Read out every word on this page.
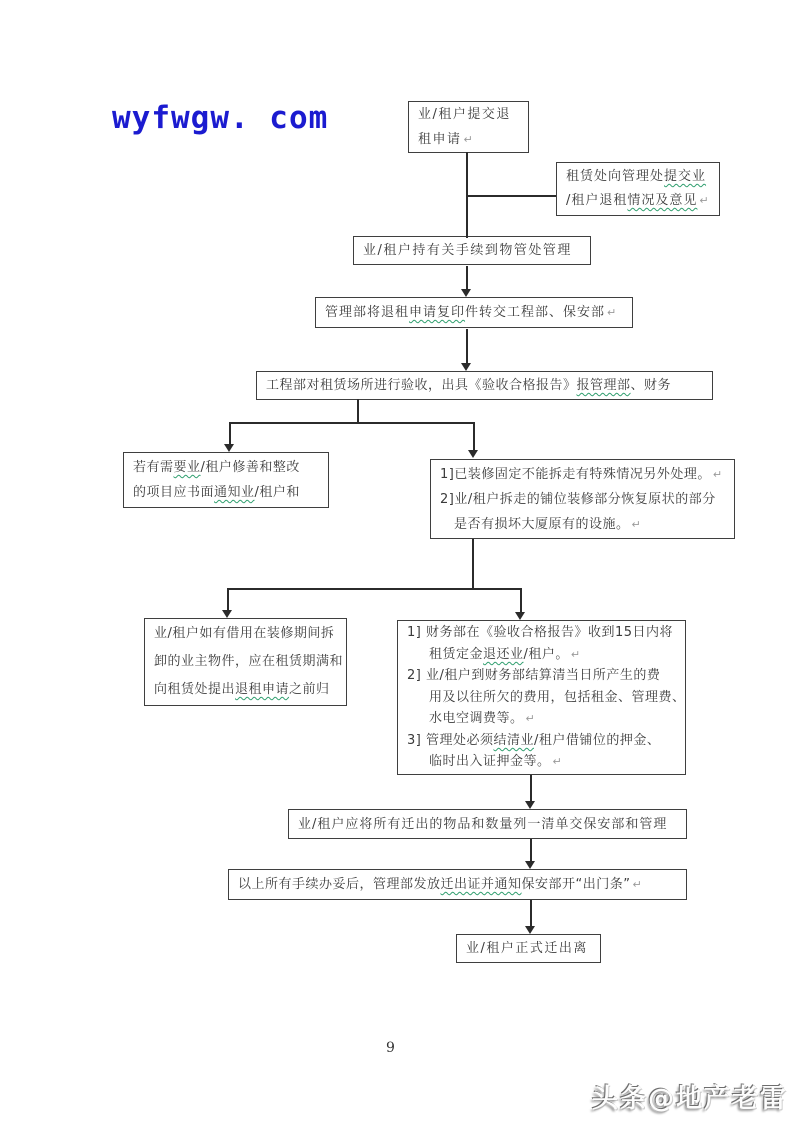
wyfwgw. com	业/租户提交退
租申请 ↵
租赁处向管理处提交业
/租户退租情况及意见 ↵
业/租户持有关手续到物管处管理
管理部将退租申请复印件转交工程部、保安部 ↵
工程部对租赁场所进行验收，出具《验收合格报告》报管理部、财务
若有需要业/租户修善和整改
的项目应书面通知业/租户和
1]已装修固定不能拆走有特殊情况另外处理。 ↵
2]业/租户拆走的铺位装修部分恢复原状的部分
是否有损坏大厦原有的设施。 ↵
业/租户如有借用在装修期间拆
卸的业主物件，应在租赁期满和
向租赁处提出退租申请之前归
1] 财务部在《验收合格报告》收到15日内将
租赁定金退还业/租户。 ↵
2] 业/租户到财务部结算清当日所产生的费
用及以往所欠的费用，包括租金、管理费、
水电空调费等。 ↵
3] 管理处必须结清业/租户借铺位的押金、
临时出入证押金等。 ↵
业/租户应将所有迁出的物品和数量列一清单交保安部和管理
以上所有手续办妥后，管理部发放迁出证并通知保安部开“出门条” ↵
业/租户正式迁出离
9
头条@地产老雷
